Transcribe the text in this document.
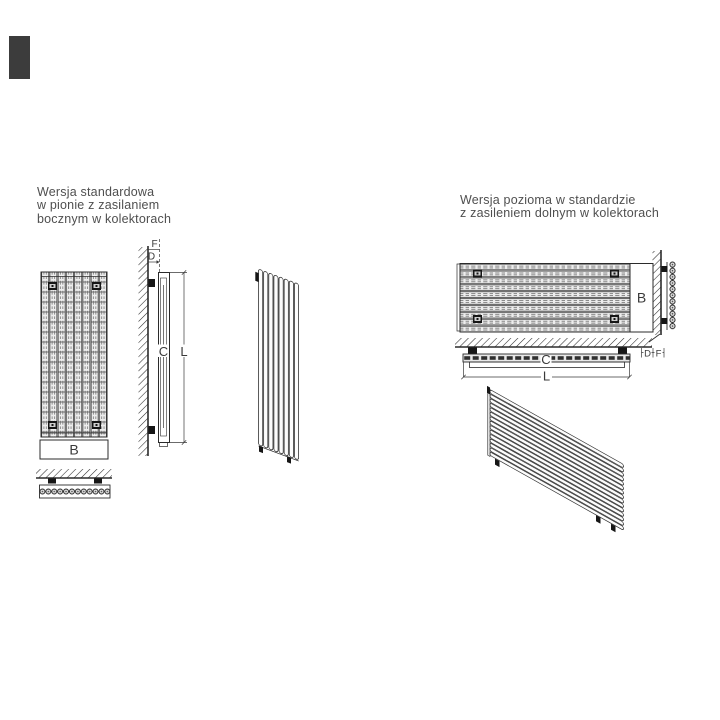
Wersja standardowa
w pionie z zasilaniem
bocznym w kolektorach
Wersja pozioma w standardzie
z zasileniem dolnym w kolektorach
B
F
D
C L
B
C
L
D F
